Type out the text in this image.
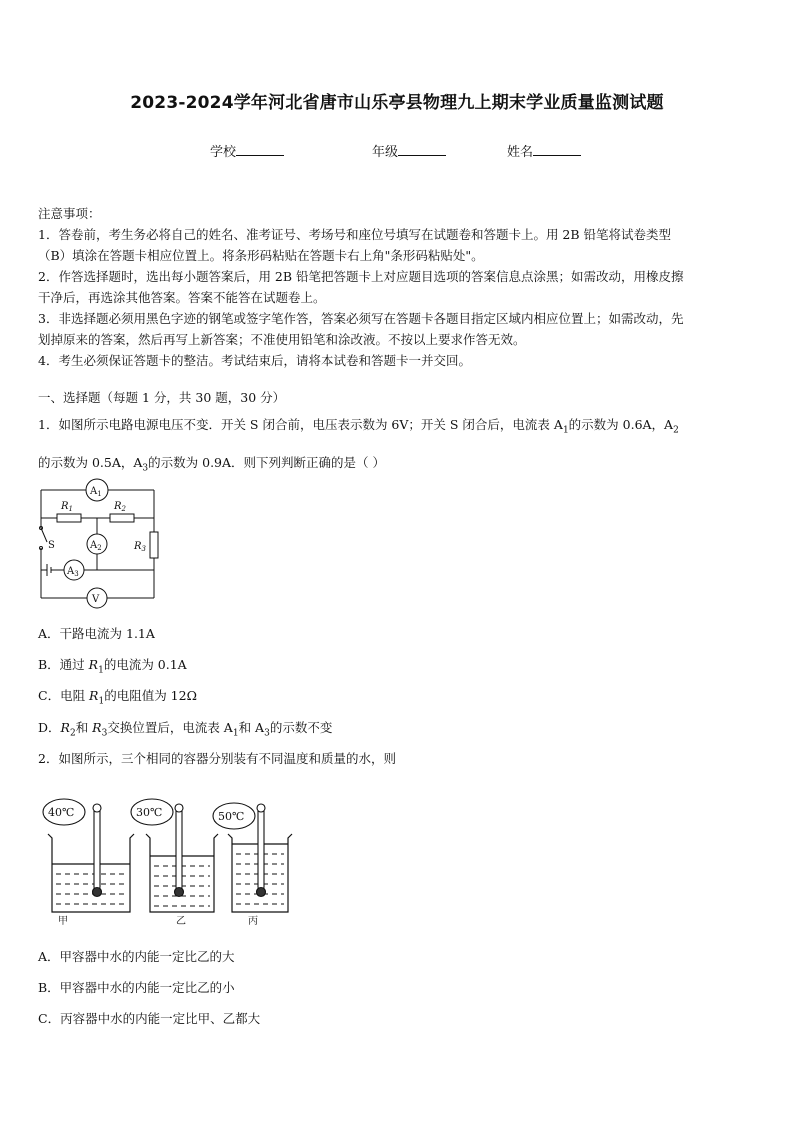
2023-2024学年河北省唐市山乐亭县物理九上期末学业质量监测试题
学校	年级	姓名

注意事项：

1．答卷前，考生务必将自己的姓名、准考证号、考场号和座位号填写在试题卷和答题卡上。用 2B 铅笔将试卷类型

（B）填涂在答题卡相应位置上。将条形码粘贴在答题卡右上角"条形码粘贴处"。

2．作答选择题时，选出每小题答案后，用 2B 铅笔把答题卡上对应题目选项的答案信息点涂黑；如需改动，用橡皮擦

干净后，再选涂其他答案。答案不能答在试题卷上。

3．非选择题必须用黑色字迹的钢笔或签字笔作答，答案必须写在答题卡各题目指定区域内相应位置上；如需改动，先

划掉原来的答案，然后再写上新答案；不准使用铅笔和涂改液。不按以上要求作答无效。

4．考生必须保证答题卡的整洁。考试结束后，请将本试卷和答题卡一并交回。

一、选择题（每题 1 分，共 30 题，30 分）
1．如图所示电路电源电压不变．开关 S 闭合前，电压表示数为 6V；开关 S 闭合后，电流表 $A_1$的示数为 0.6A，$A_2$
的示数为 0.5A，$A_3$的示数为 0.9A．则下列判断正确的是（ ）
$A_1$
$A_2$
$A_3$
V
$R_1$	$R_2$
$R_3$
S
A．干路电流为 1.1A
B．通过 $R_1$的电流为 0.1A
C．电阻 $R_1$的电阻值为 12Ω
D．$R_2$和 $R_3$交换位置后，电流表 $A_1$和 $A_3$的示数不变
2．如图所示，三个相同的容器分别装有不同温度和质量的水，则
40℃	30℃	50℃
甲	乙	丙
A．甲容器中水的内能一定比乙的大
B．甲容器中水的内能一定比乙的小
C．丙容器中水的内能一定比甲、乙都大
